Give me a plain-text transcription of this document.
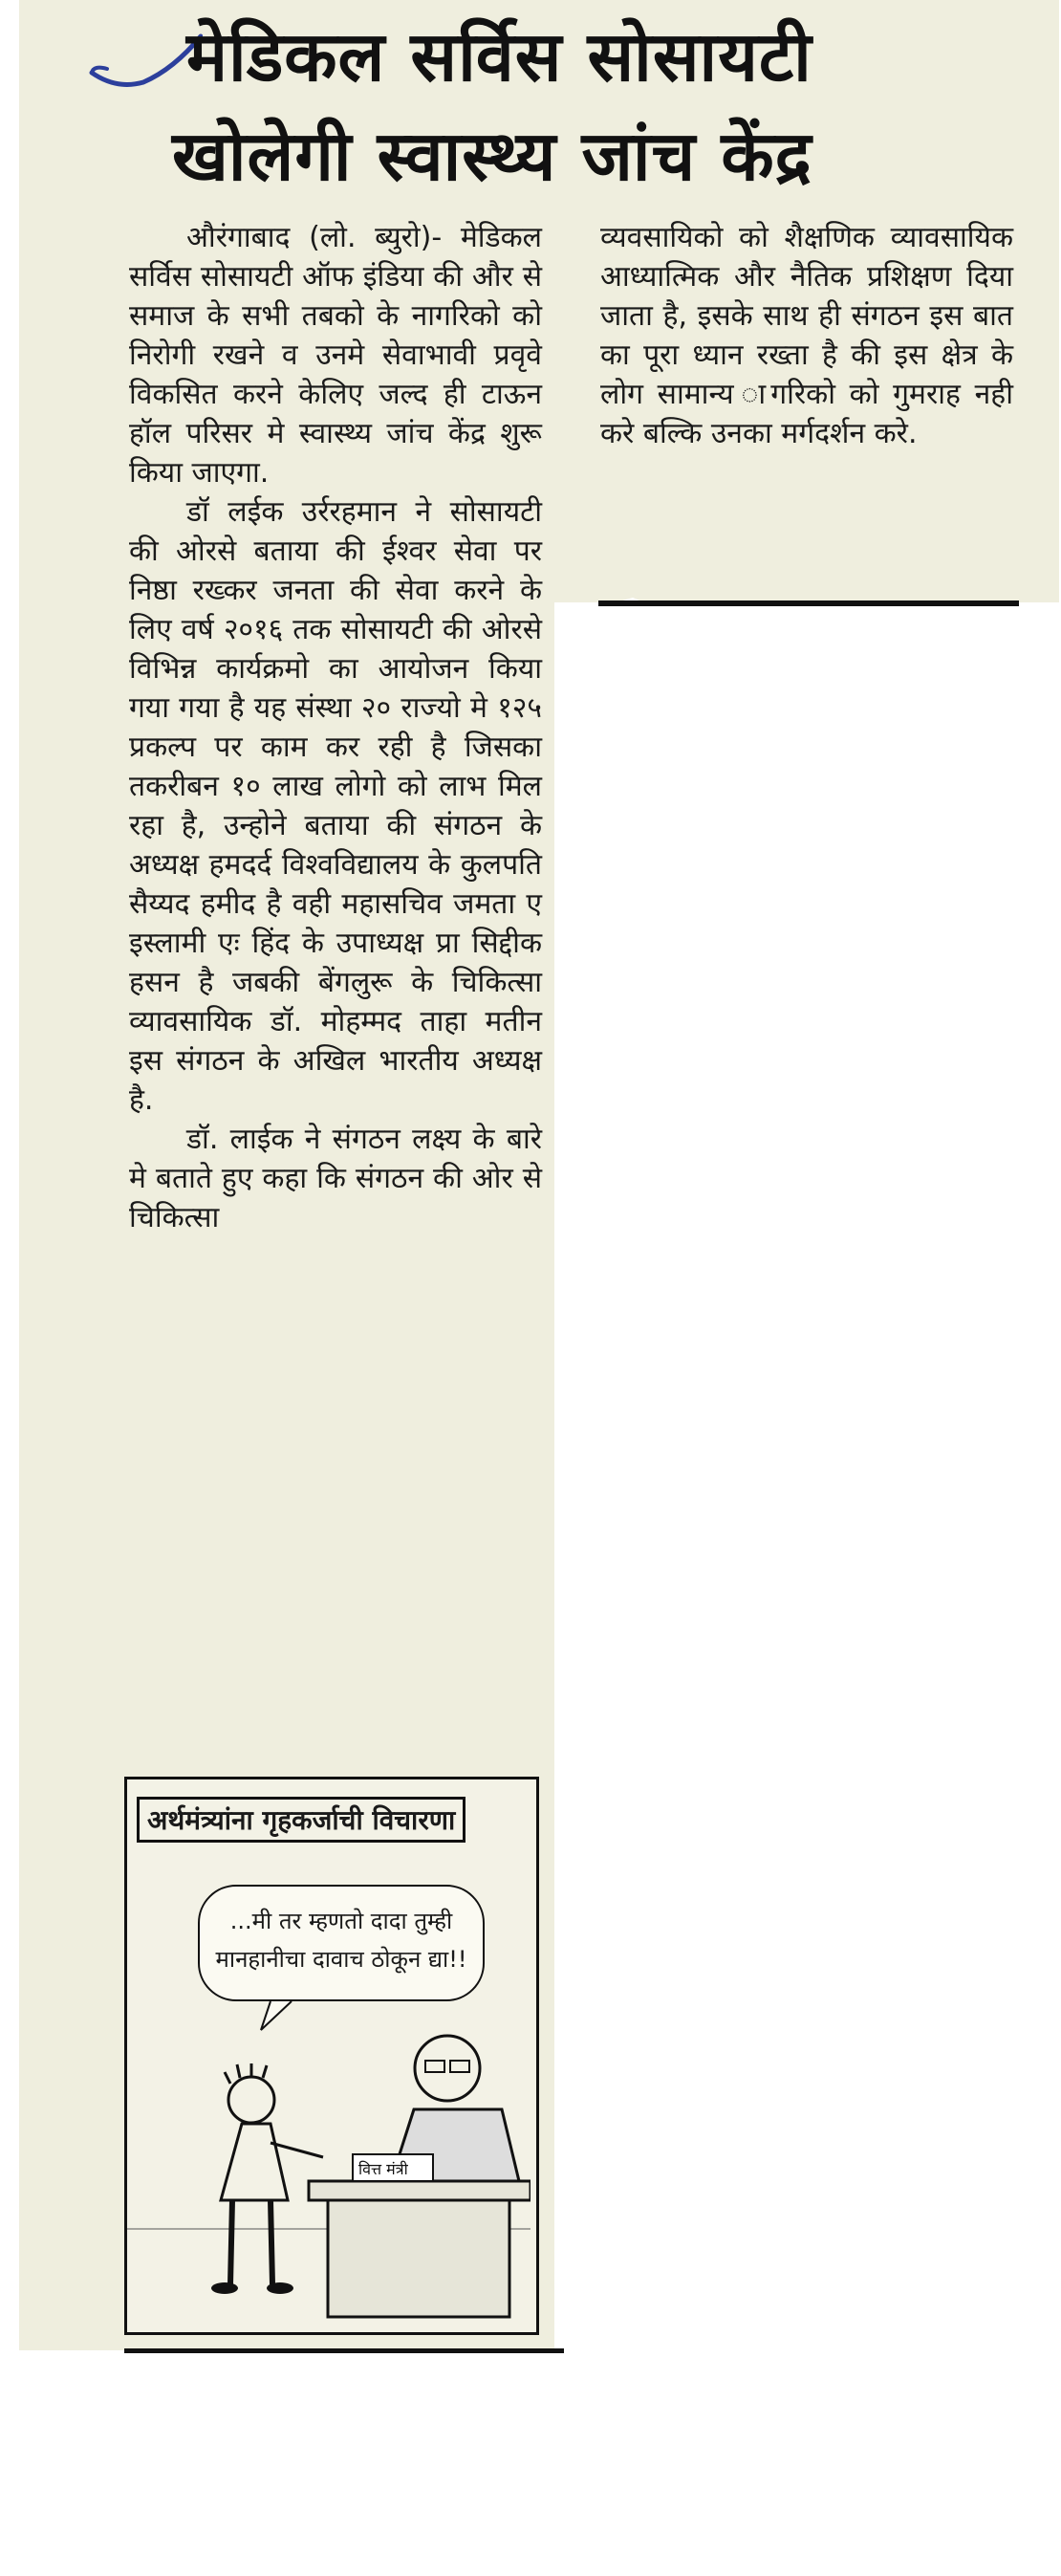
मेडिकल सर्विस सोसायटी
खोलेगी स्वास्थ्य जांच केंद्र

औरंगाबाद (लो. ब्युरो)- मेडिकल सर्विस सोसायटी ऑफ इंडिया की और से समाज के सभी तबको के नागरिको को निरोगी रखने व उनमे सेवाभावी प्रवृवे विकसित करने केलिए जल्द ही टाऊन हॉल परिसर मे स्वास्थ्य जांच केंद्र शुरू किया जाएगा.

डॉ लईक उर्ररहमान ने सोसायटी की ओरसे बताया की ईश्वर सेवा पर निष्ठा रख्कर जनता की सेवा करने के लिए वर्ष २०१६ तक सोसायटी की ओरसे विभिन्न कार्यक्रमो का आयोजन किया गया गया है यह संस्था २० राज्यो मे १२५ प्रकल्प पर काम कर रही है जिसका तकरीबन १० लाख लोगो को लाभ मिल रहा है, उन्होने बताया की संगठन के अध्यक्ष हमदर्द विश्वविद्यालय के कुलपति सैय्यद हमीद है वही महासचिव जमता ए इस्लामी एः हिंद के उपाध्यक्ष प्रा सिद्दीक हसन है जबकी बेंगलुरू के चिकित्सा व्यावसायिक डॉ. मोहम्मद ताहा मतीन इस संगठन के अखिल भारतीय अध्यक्ष है.

डॉ. लाईक ने संगठन लक्ष्य के बारे मे बताते हुए कहा कि संगठन की ओर से चिकित्सा

व्यवसायिको को शैक्षणिक व्यावसायिक आध्यात्मिक और नैतिक प्रशिक्षण दिया जाता है, इसके साथ ही संगठन इस बात का पूरा ध्यान रख्ता है की इस क्षेत्र के लोग सामान्य ागरिको को गुमराह नही करे बल्कि उनका मर्गदर्शन करे.

अर्थमंत्र्यांना गृहकर्जाची विचारणा
...मी तर म्हणतो दादा तुम्ही
मानहानीचा दावाच ठोकून द्या!!
वित्त मंत्री
